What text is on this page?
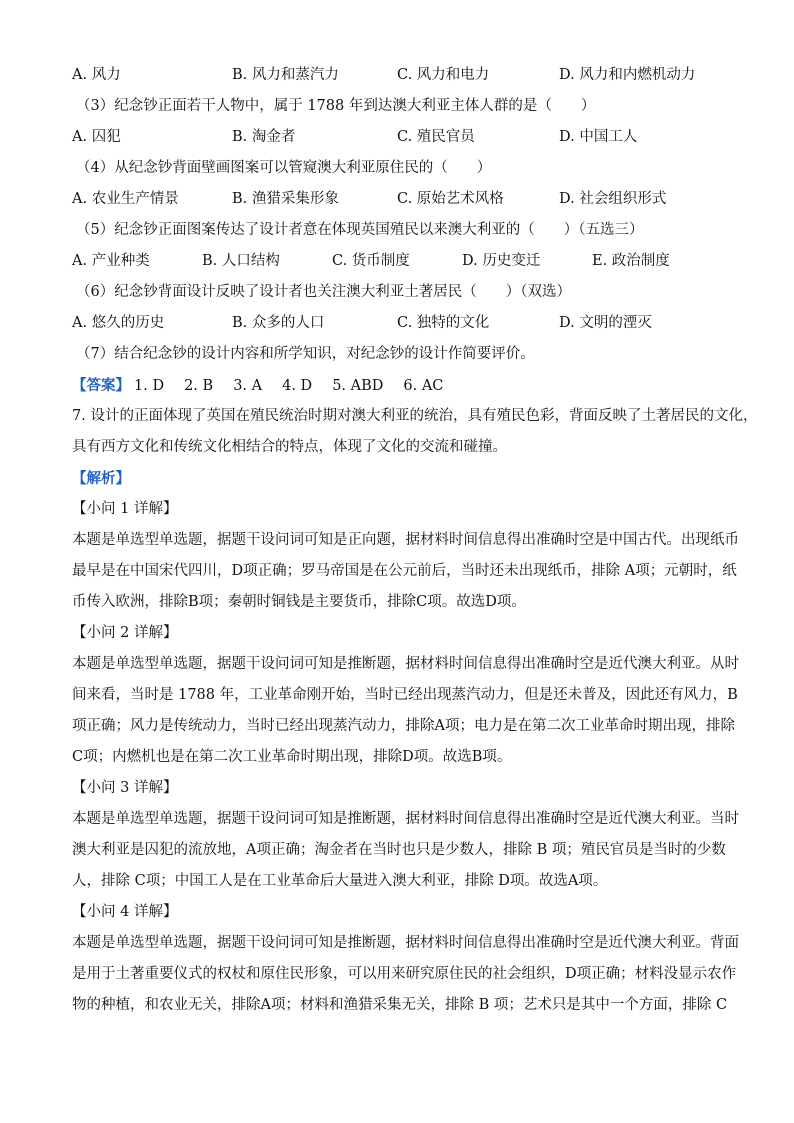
A. 风力	B. 风力和蒸汽力	C. 风力和电力	D. 风力和内燃机动力
（3）纪念钞正面若干人物中，属于 1788 年到达澳大利亚主体人群的是（　　）
A. 囚犯	B. 淘金者	C. 殖民官员	D. 中国工人
（4）从纪念钞背面壁画图案可以管窥澳大利亚原住民的（　　）
A. 农业生产情景	B. 渔猎采集形象	C. 原始艺术风格	D. 社会组织形式
（5）纪念钞正面图案传达了设计者意在体现英国殖民以来澳大利亚的（　　）（五选三）
A. 产业种类	B. 人口结构	C. 货币制度	D. 历史变迁	E. 政治制度
（6）纪念钞背面设计反映了设计者也关注澳大利亚土著居民（　　）（双选）
A. 悠久的历史	B. 众多的人口	C. 独特的文化	D. 文明的湮灭
（7）结合纪念钞的设计内容和所学知识，对纪念钞的设计作简要评价。
【答案】 1. D 2. B 3. A 4. D 5. ABD 6. AC
7. 设计的正面体现了英国在殖民统治时期对澳大利亚的统治，具有殖民色彩，背面反映了土著居民的文化，
具有西方文化和传统文化相结合的特点，体现了文化的交流和碰撞。
【解析】
【小问 1 详解】
本题是单选型单选题，据题干设问词可知是正向题，据材料时间信息得出准确时空是中国古代。出现纸币
最早是在中国宋代四川，D项正确；罗马帝国是在公元前后，当时还未出现纸币，排除 A项；元朝时，纸
币传入欧洲，排除B项；秦朝时铜钱是主要货币，排除C项。故选D项。
【小问 2 详解】
本题是单选型单选题，据题干设问词可知是推断题，据材料时间信息得出准确时空是近代澳大利亚。从时
间来看，当时是 1788 年，工业革命刚开始，当时已经出现蒸汽动力，但是还未普及，因此还有风力，B
项正确；风力是传统动力，当时已经出现蒸汽动力，排除A项；电力是在第二次工业革命时期出现，排除
C项；内燃机也是在第二次工业革命时期出现，排除D项。故选B项。
【小问 3 详解】
本题是单选型单选题，据题干设问词可知是推断题，据材料时间信息得出准确时空是近代澳大利亚。当时
澳大利亚是囚犯的流放地，A项正确；淘金者在当时也只是少数人，排除 B 项；殖民官员是当时的少数
人，排除 C项；中国工人是在工业革命后大量进入澳大利亚，排除 D项。故选A项。
【小问 4 详解】
本题是单选型单选题，据题干设问词可知是推断题，据材料时间信息得出准确时空是近代澳大利亚。背面
是用于土著重要仪式的权杖和原住民形象，可以用来研究原住民的社会组织，D项正确；材料没显示农作
物的种植，和农业无关，排除A项；材料和渔猎采集无关，排除 B 项；艺术只是其中一个方面，排除 C
